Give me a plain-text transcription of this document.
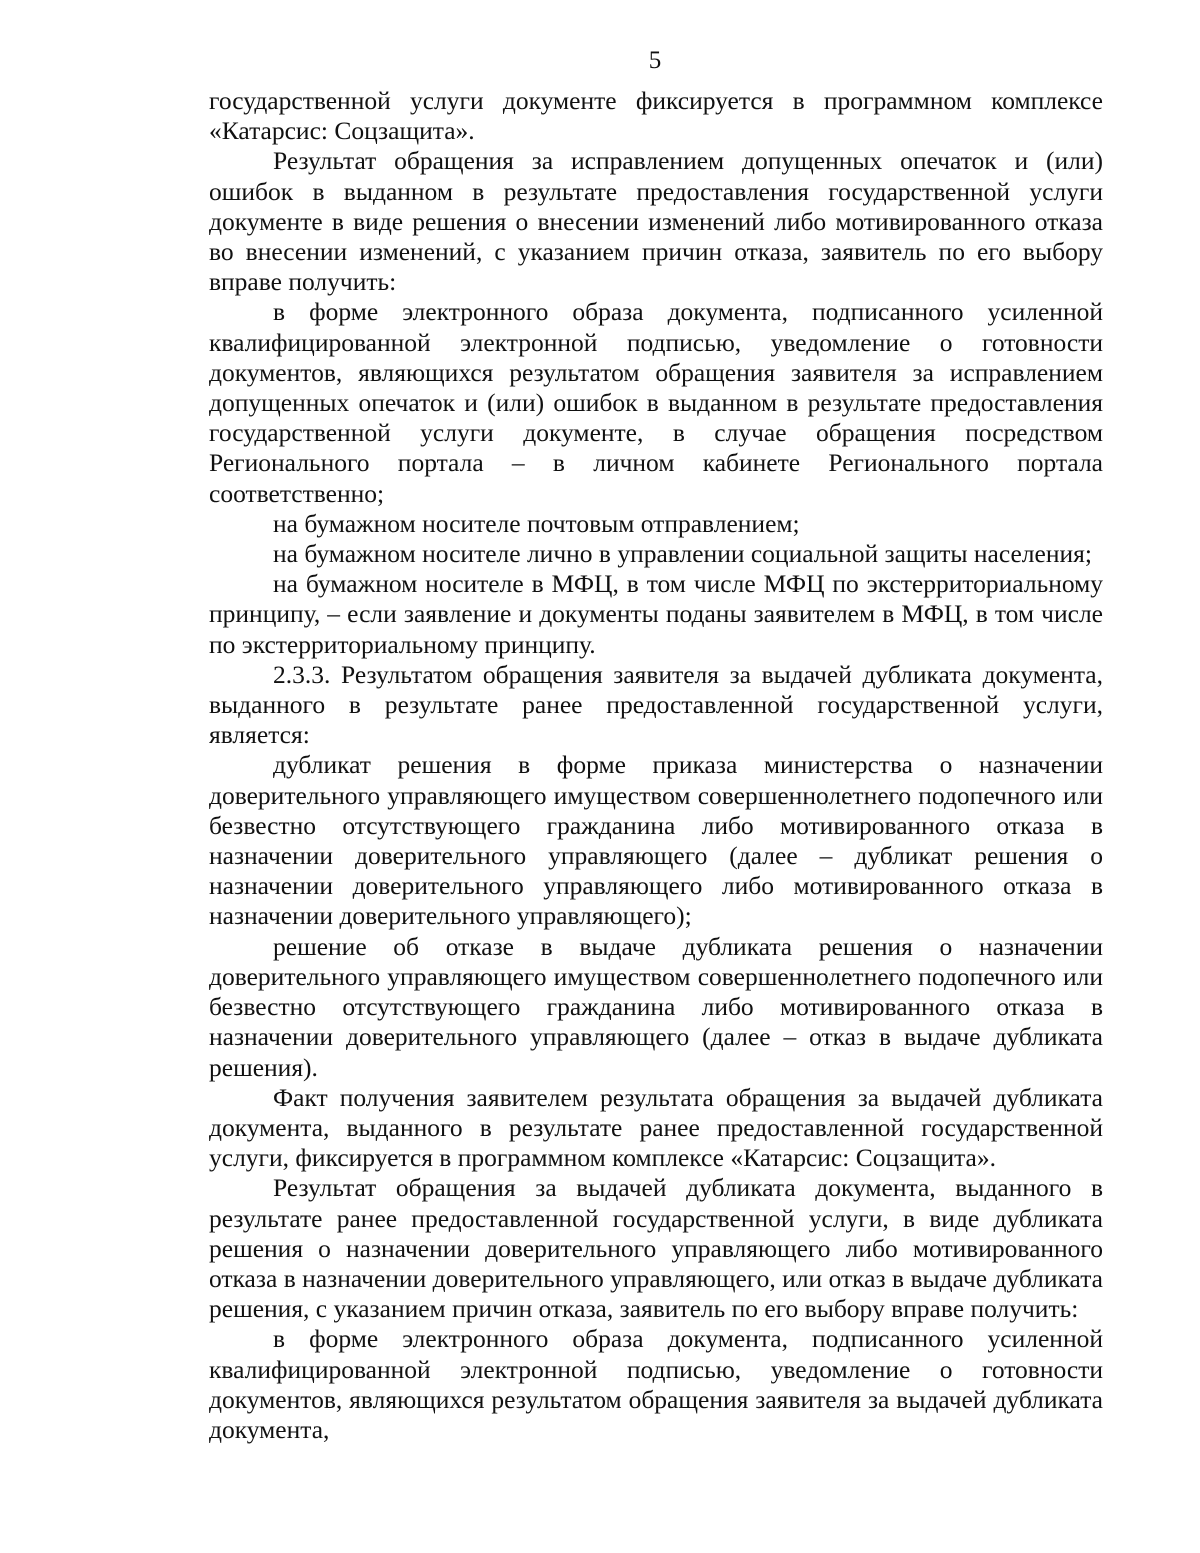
5

государственной услуги документе фиксируется в программном комплексе «Катарсис: Соцзащита».

Результат обращения за исправлением допущенных опечаток и (или) ошибок в выданном в результате предоставления государственной услуги документе в виде решения о внесении изменений либо мотивированного отказа во внесении изменений, с указанием причин отказа, заявитель по его выбору вправе получить:

в форме электронного образа документа, подписанного усиленной квалифицированной электронной подписью, уведомление о готовности документов, являющихся результатом обращения заявителя за исправлением допущенных опечаток и (или) ошибок в выданном в результате предоставления государственной услуги документе, в случае обращения посредством Регионального портала – в личном кабинете Регионального портала соответственно;

на бумажном носителе почтовым отправлением;

на бумажном носителе лично в управлении социальной защиты населения;

на бумажном носителе в МФЦ, в том числе МФЦ по экстерриториальному принципу, – если заявление и документы поданы заявителем в МФЦ, в том числе по экстерриториальному принципу.

2.3.3. Результатом обращения заявителя за выдачей дубликата документа, выданного в результате ранее предоставленной государственной услуги, является:

дубликат решения в форме приказа министерства о назначении доверительного управляющего имуществом совершеннолетнего подопечного или безвестно отсутствующего гражданина либо мотивированного отказа в назначении доверительного управляющего (далее – дубликат решения о назначении доверительного управляющего либо мотивированного отказа в назначении доверительного управляющего);

решение об отказе в выдаче дубликата решения о назначении доверительного управляющего имуществом совершеннолетнего подопечного или безвестно отсутствующего гражданина либо мотивированного отказа в назначении доверительного управляющего (далее – отказ в выдаче дубликата решения).

Факт получения заявителем результата обращения за выдачей дубликата документа, выданного в результате ранее предоставленной государственной услуги, фиксируется в программном комплексе «Катарсис: Соцзащита».

Результат обращения за выдачей дубликата документа, выданного в результате ранее предоставленной государственной услуги, в виде дубликата решения о назначении доверительного управляющего либо мотивированного отказа в назначении доверительного управляющего, или отказ в выдаче дубликата решения, с указанием причин отказа, заявитель по его выбору вправе получить:

в форме электронного образа документа, подписанного усиленной квалифицированной электронной подписью, уведомление о готовности документов, являющихся результатом обращения заявителя за выдачей дубликата документа,
